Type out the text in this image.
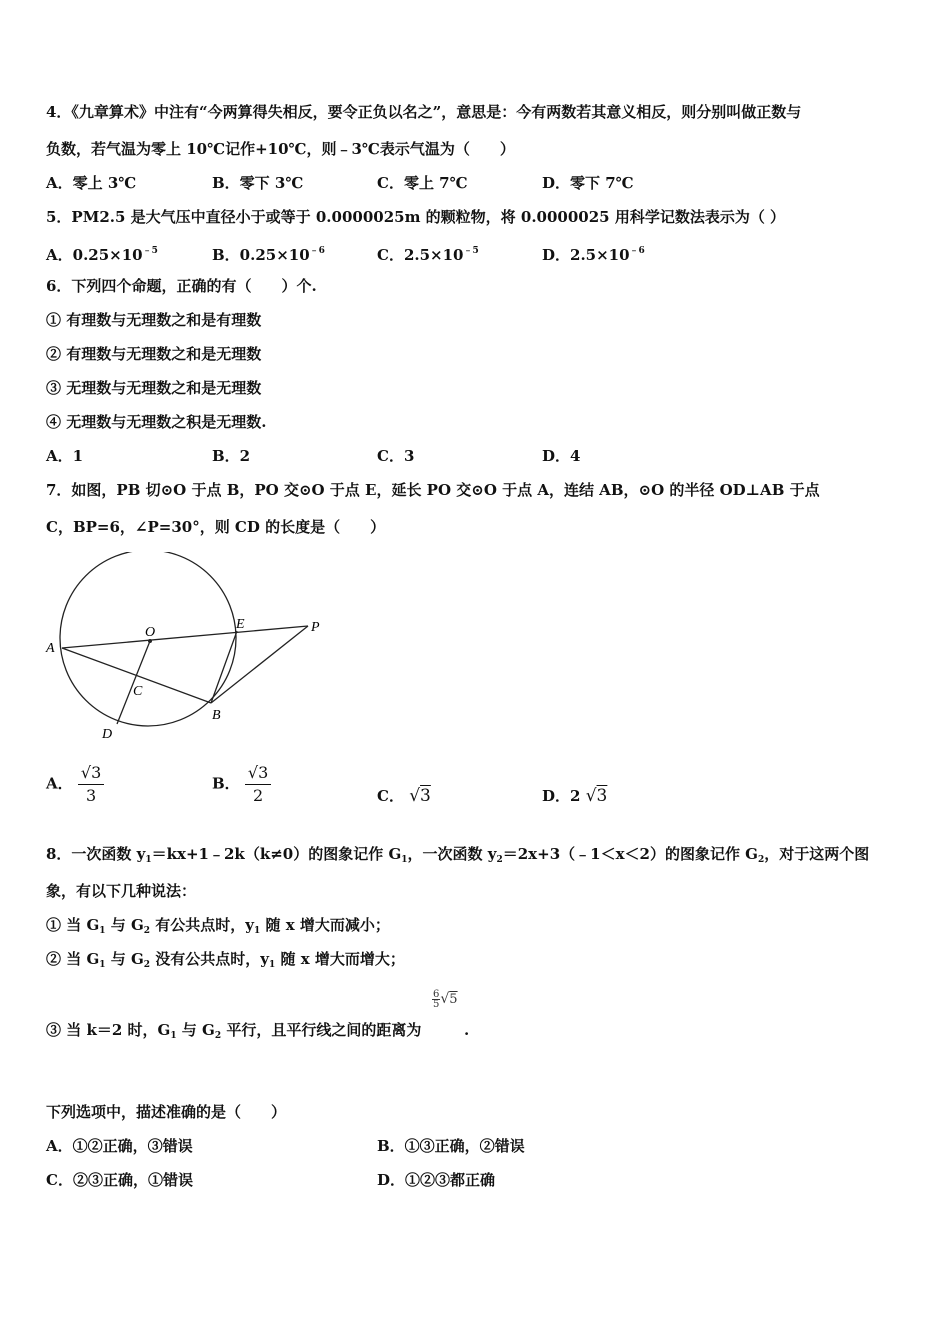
4．《九章算术》中注有“今两算得失相反，要令正负以名之”，意思是：今有两数若其意义相反，则分别叫做正数与
负数，若气温为零上 10℃记作+10℃，则﹣3℃表示气温为（　　）
A．零上 3℃	B．零下 3℃	C．零上 7℃	D．零下 7℃
5．PM2.5 是大气压中直径小于或等于 0.0000025m 的颗粒物，将 0.0000025 用科学记数法表示为（ ）
A．$0.25\times 10^{﹣5}$	B．$0.25\times 10^{﹣6}$	C．$2.5\times 10^{﹣5}$	D．$2.5\times 10^{﹣6}$
6．下列四个命题，正确的有（　　）个.
① 有理数与无理数之和是有理数
② 有理数与无理数之和是无理数
③ 无理数与无理数之和是无理数
④ 无理数与无理数之积是无理数.
A．1	B．2	C．3	D．4
7．如图，PB 切⊙O 于点 B，PO 交⊙O 于点 E，延长 PO 交⊙O 于点 A，连结 AB，⊙O 的半径 OD⊥AB 于点
C，BP=6，∠P=30°，则 CD 的长度是（　　）
A
O
E	P
C
B
D
A． $\frac{√3}{3}$	B． $\frac{√3}{2}$	C． √3	D．2 √3
8．一次函数 $y_1=kx+1﹣2k(k\ne 0)$的图象记作 $G_1$，一次函数 $y_2=2x+3(﹣1<x<2)$的图象记作 $G_2$，对于这两个图
象，有以下几种说法：
① 当 $G_1$ 与 $G_2$ 有公共点时，$y_1$ 随 x 增大而减小；
② 当 $G_1$ 与 $G_2$ 没有公共点时，$y_1$ 随 x 增大而增大；
$\frac{6}{5} √5$
③ 当 k＝2 时，$G_1$ 与 $G_2$ 平行，且平行线之间的距离为	.
下列选项中，描述准确的是（　　）
A．①②正确，③错误	B．①③正确，②错误
C．②③正确，①错误	D．①②③都正确
